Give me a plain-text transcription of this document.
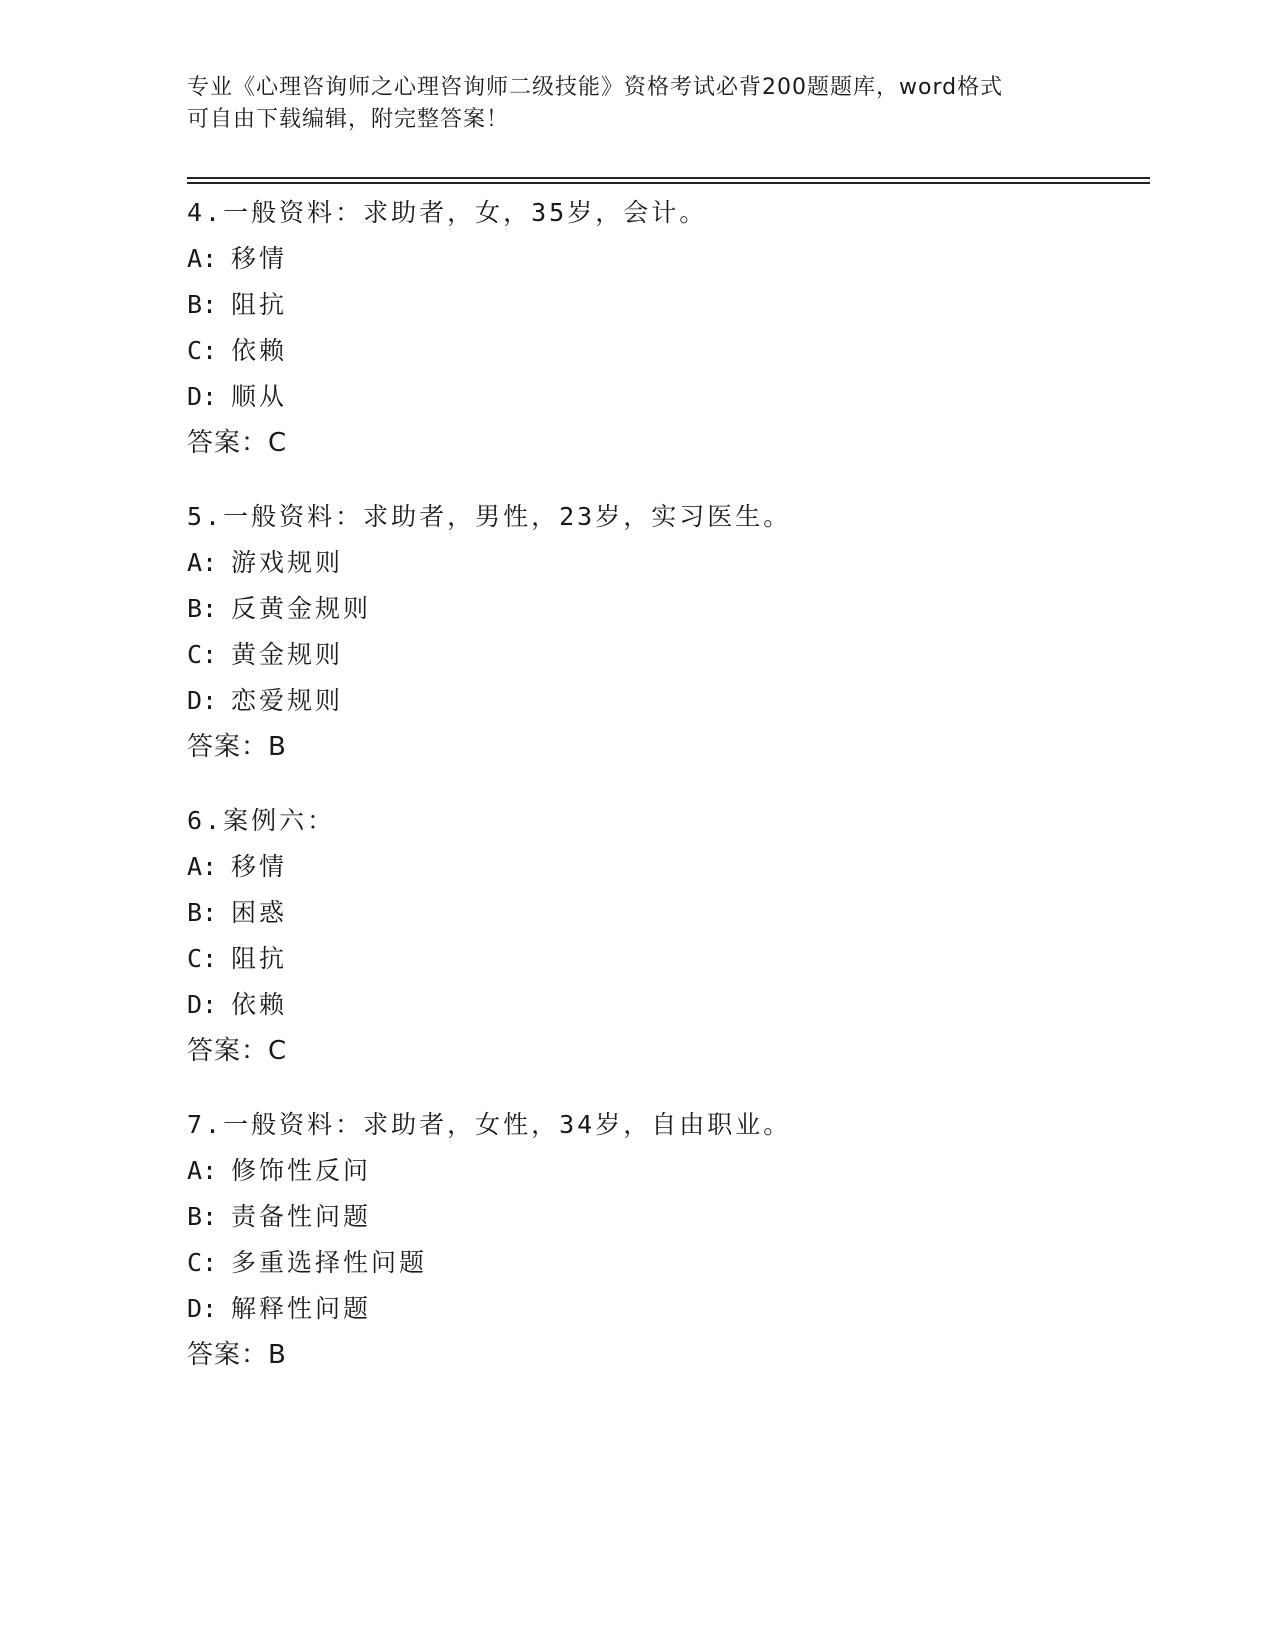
专业《心理咨询师之心理咨询师二级技能》资格考试必背200题题库，word格式
可自由下载编辑，附完整答案！
4.一般资料：求助者，女，35岁，会计。
A: 移情
B: 阻抗
C: 依赖
D: 顺从
答案：C
5.一般资料：求助者，男性，23岁，实习医生。
A: 游戏规则
B: 反黄金规则
C: 黄金规则
D: 恋爱规则
答案：B
6.案例六：
A: 移情
B: 困惑
C: 阻抗
D: 依赖
答案：C
7.一般资料：求助者，女性，34岁，自由职业。
A: 修饰性反问
B: 责备性问题
C: 多重选择性问题
D: 解释性问题
答案：B
